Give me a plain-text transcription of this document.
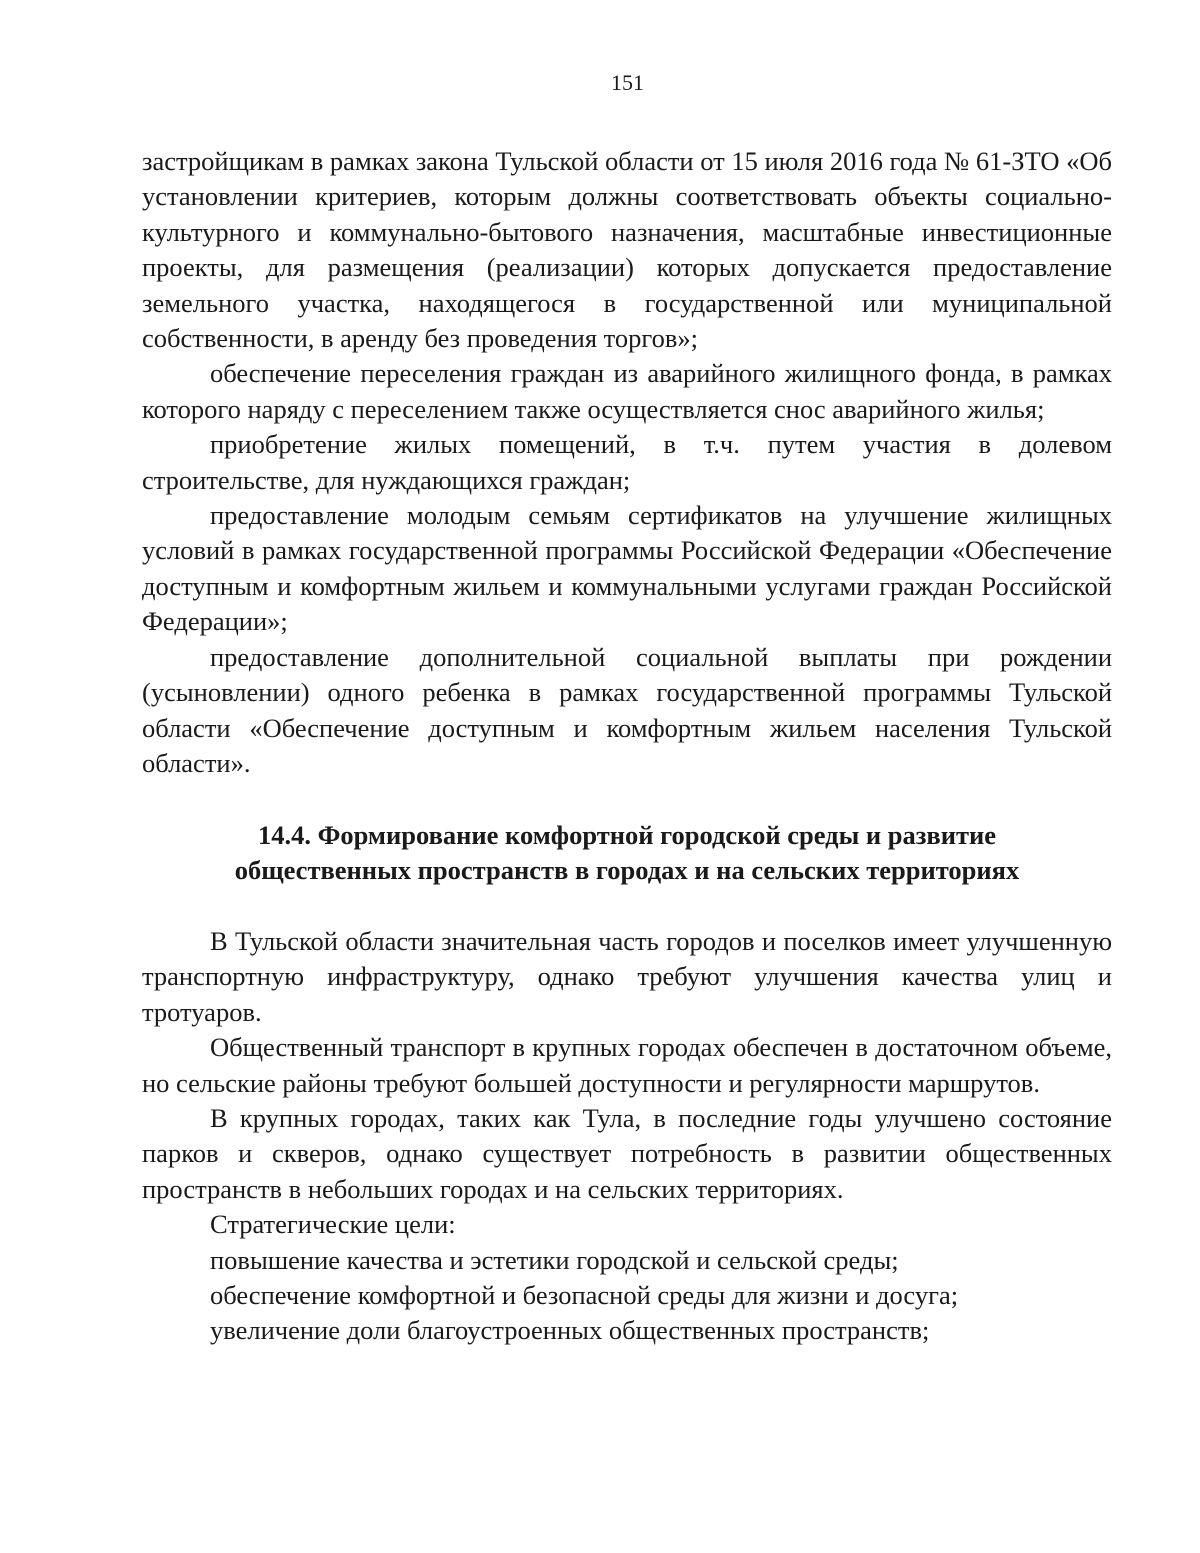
151

застройщикам в рамках закона Тульской области от 15 июля 2016 года № 61-ЗТО «Об установлении критериев, которым должны соответствовать объекты социально-культурного и коммунально-бытового назначения, масштабные инвестиционные проекты, для размещения (реализации) которых допускается предоставление земельного участка, находящегося в государственной или муниципальной собственности, в аренду без проведения торгов»;

обеспечение переселения граждан из аварийного жилищного фонда, в рамках которого наряду с переселением также осуществляется снос аварийного жилья;

приобретение жилых помещений, в т.ч. путем участия в долевом строительстве, для нуждающихся граждан;

предоставление молодым семьям сертификатов на улучшение жилищных условий в рамках государственной программы Российской Федерации «Обеспечение доступным и комфортным жильем и коммунальными услугами граждан Российской Федерации»;

предоставление дополнительной социальной выплаты при рождении (усыновлении) одного ребенка в рамках государственной программы Тульской области «Обеспечение доступным и комфортным жильем населения Тульской области».

14.4. Формирование комфортной городской среды и развитие
общественных пространств в городах и на сельских территориях

В Тульской области значительная часть городов и поселков имеет улучшенную транспортную инфраструктуру, однако требуют улучшения качества улиц и тротуаров.

Общественный транспорт в крупных городах обеспечен в достаточном объеме, но сельские районы требуют большей доступности и регулярности маршрутов.

В крупных городах, таких как Тула, в последние годы улучшено состояние парков и скверов, однако существует потребность в развитии общественных пространств в небольших городах и на сельских территориях.

Стратегические цели:

повышение качества и эстетики городской и сельской среды;

обеспечение комфортной и безопасной среды для жизни и досуга;

увеличение доли благоустроенных общественных пространств;
